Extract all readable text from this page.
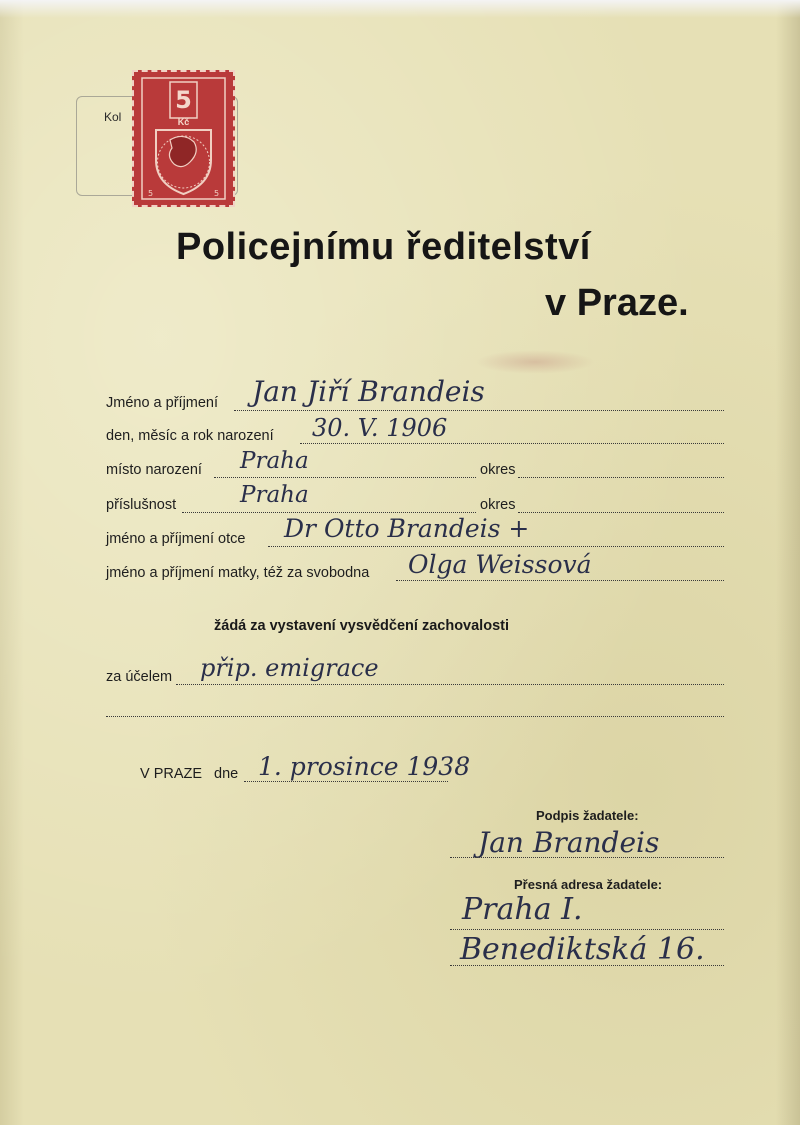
Kol
5	5
5
Kč
Policejnímu ředitelství
v Praze.
Jméno a příjmení Jan Jiří Brandeis
den, měsíc a rok narození 30. V. 1906
místo narození Praha	okres
příslušnost	Praha	okres
jméno a příjmení otce Dr Otto Brandeis +
jméno a příjmení matky, též za svobodna Olga Weissová
žádá za vystavení vysvědčení zachovalosti
za účelem přip. emigrace
V PRAZE dne 1. prosince 1938
Podpis žadatele:
Jan Brandeis
Přesná adresa žadatele:
Praha I.
Benediktská 16.
